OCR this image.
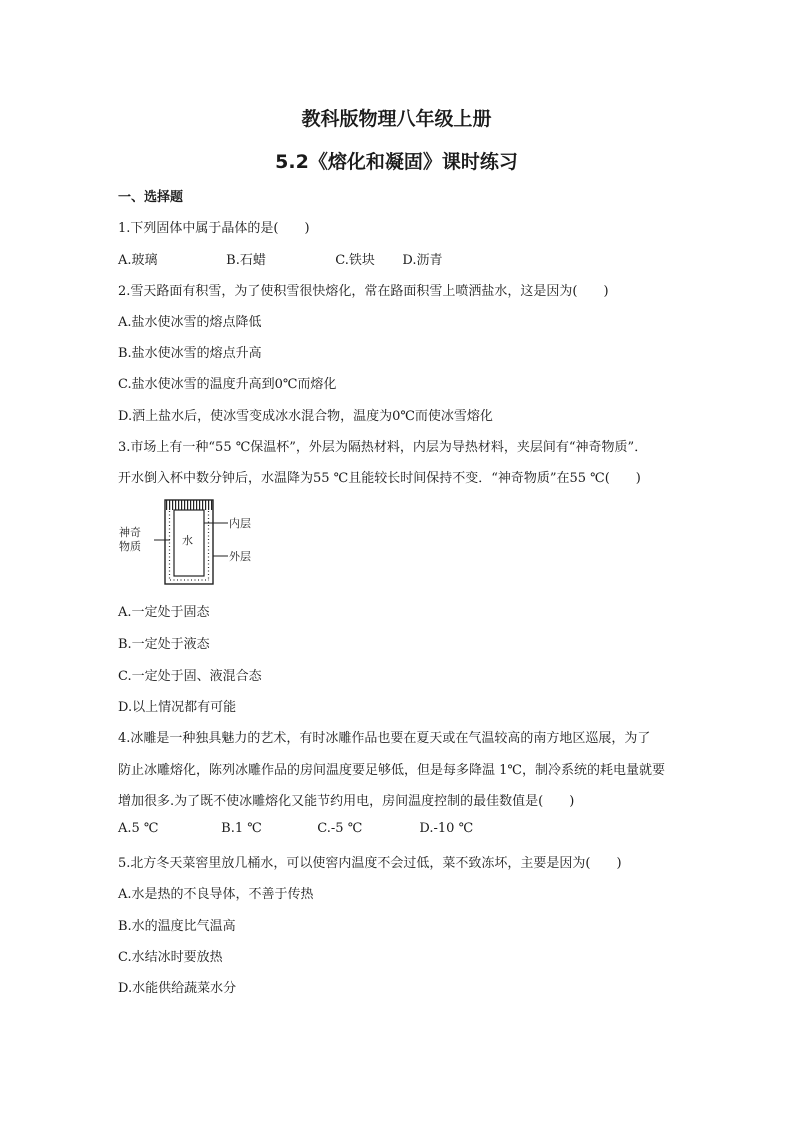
教科版物理八年级上册
5.2《熔化和凝固》课时练习
一、选择题

1.下列固体中属于晶体的是(　　)

A.玻璃	B.石蜡	C.铁块 D.沥青

2.雪天路面有积雪，为了使积雪很快熔化，常在路面积雪上喷洒盐水，这是因为(　　)

A.盐水使冰雪的熔点降低

B.盐水使冰雪的熔点升高

C.盐水使冰雪的温度升高到0℃而熔化

D.洒上盐水后，使冰雪变成冰水混合物，温度为0℃而使冰雪熔化

3.市场上有一种“55 ℃保温杯”，外层为隔热材料，内层为导热材料，夹层间有“神奇物质”．

开水倒入杯中数分钟后，水温降为55 ℃且能较长时间保持不变．“神奇物质”在55 ℃(　　)

水
内层
外层
神奇
物质

A.一定处于固态

B.一定处于液态

C.一定处于固、液混合态

D.以上情况都有可能

4.冰雕是一种独具魅力的艺术，有时冰雕作品也要在夏天或在气温较高的南方地区巡展，为了

防止冰雕熔化，陈列冰雕作品的房间温度要足够低，但是每多降温 1℃，制冷系统的耗电量就要

增加很多.为了既不使冰雕熔化又能节约用电，房间温度控制的最佳数值是(　　)

A.5 ℃	B.1 ℃	C.-5 ℃	D.-10 ℃

5.北方冬天菜窖里放几桶水，可以使窖内温度不会过低，菜不致冻坏，主要是因为(　　)

A.水是热的不良导体，不善于传热

B.水的温度比气温高

C.水结冰时要放热

D.水能供给蔬菜水分
